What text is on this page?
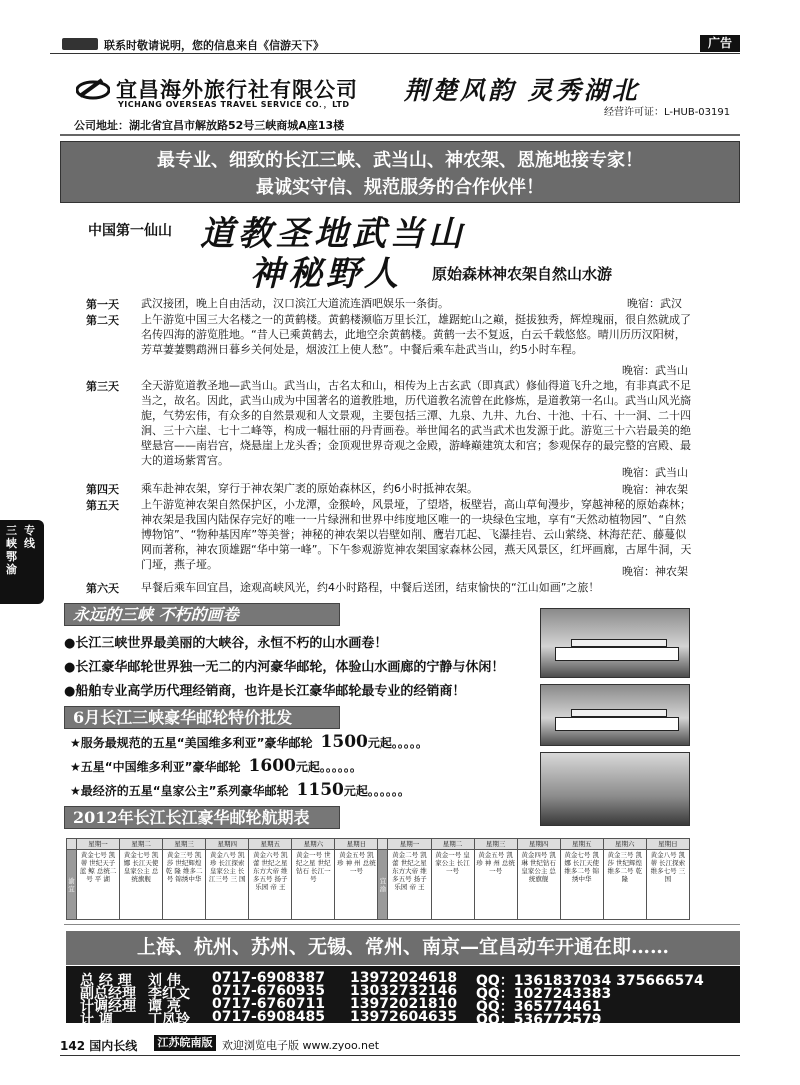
联系时敬请说明，您的信息来自《信游天下》	广告
宜昌海外旅行社有限公司
YICHANG OVERSEAS TRAVEL SERVICE CO．，LTD 荆楚风韵 灵秀湖北
经营许可证：L-HUB-03191
公司地址：湖北省宜昌市解放路52号三峡商城A座13楼
最专业、细致的长江三峡、武当山、神农架、恩施地接专家！
最诚实守信、规范服务的合作伙伴！
中国第一仙山 道教圣地武当山
神秘野人 原始森林神农架自然山水游
第一天 武汉接团，晚上自由活动，汉口滨江大道流连酒吧娱乐一条街。	晚宿：武汉
第二天 上午游览中国三大名楼之一的黄鹤楼。黄鹤楼濒临万里长江，雄踞蛇山之巅，挺拔独秀，辉煌瑰丽，很自然就成了名传四海的游览胜地。“昔人已乘黄鹤去，此地空余黄鹤楼。黄鹤一去不复返，白云千载悠悠。晴川历历汉阳树，芳草萋萋鹦鹉洲日暮乡关何处是，烟波江上使人愁”。中餐后乘车赴武当山，约5小时车程。
晚宿：武当山
第三天 全天游览道教圣地—武当山。武当山，古名太和山，相传为上古玄武（即真武）修仙得道飞升之地，有非真武不足当之，故名。因此，武当山成为中国著名的道教胜地，历代道教名流曾在此修炼，是道教第一名山。武当山风光旖旎，气势宏伟，有众多的自然景观和人文景观，主要包括三潭、九泉、九井、九台、十池、十石、十一洞、二十四涧、三十六崖、七十二峰等，构成一幅壮丽的丹青画卷。举世闻名的武当武术也发源于此。游览三十六岩最美的绝壁悬宫——南岩宫，烧悬崖上龙头香；金顶观世界奇观之金殿，游峰巅建筑太和宫；参观保存的最完整的宫殿、最大的道场紫霄宫。
晚宿：武当山
第四天 乘车赴神农架，穿行于神农架广袤的原始森林区，约6小时抵神农架。	晚宿：神农架
第五天 上午游览神农架自然保护区，小龙潭，金猴岭，风景垭，了望塔，板壁岩，高山草甸漫步，穿越神秘的原始森林；神农架是我国内陆保存完好的唯一一片绿洲和世界中纬度地区唯一的一块绿色宝地，享有“天然动植物园”、“自然博物馆”、“物种基因库”等美誉；神秘的神农架以岩壁如削、鹰岩兀起、飞瀑挂岩、云山萦绕、林海茫茫、藤蔓似网而著称，神农顶雄踞“华中第一峰”。下午参观游览神农架国家森林公园，燕天风景区，红坪画廊，古犀牛洞，天门垭，燕子垭。
晚宿：神农架
第六天 早餐后乘车回宜昌，途观高峡风光，约4小时路程，中餐后送团，结束愉快的“江山如画”之旅！
三峡鄂渝
专线
永远的三峡 不朽的画卷
●长江三峡世界最美丽的大峡谷，永恒不朽的山水画卷！
●长江豪华邮轮世界独一无二的内河豪华邮轮，体验山水画廊的宁静与休闲！
●船舶专业高学历代理经销商，也许是长江豪华邮轮最专业的经销商！
6月长江三峡豪华邮轮特价批发
★服务最规范的五星“美国维多利亚”豪华邮轮 1500元起。。。。。
★五星“中国维多利亚”豪华邮轮 1600元起。。。。。。
★最经济的五星“皇家公主”系列豪华邮轮 1150元起。。。。。。
2012年长江长江豪华邮轮航期表
	星期一	星期二	星期三	星期四	星期五	星期六	星期日		星期一	星期二	星期三	星期四	星期五	星期六	星期日
渝宜	黄金七号 凯 蒂 世纪天子 蓝 鲸 总统二号 平 湖	黄金七号 凯 娜 长江天使 皇家公主 总统旗舰	黄金三号 凯 莎 世纪辉煌 乾 隆 维多二号 锦绣中华	黄金八号 凯 珍 长江探索 皇家公主 长江三号 三 国	黄金六号 凯 蕾 世纪之星 东方大帝 维多五号 扬子乐园 帝 王	黄金一号 世纪之星 世纪钻石 长江一号	黄金五号 凯 珍 神 州 总统一号	宜渝	黄金二号 凯 蕾 世纪之星 东方大帝 维多五号 扬子乐园 帝 王	黄金一号 皇家公主 长江一号	黄金五号 凯 珍 神 州 总统一号	黄金四号 凯 琳 世纪钻石 皇家公主 总统旗舰	黄金七号 凯 娜 长江天使 维多二号 锦绣中华	黄金三号 凯 莎 世纪辉煌 维多二号 乾 隆	黄金八号 凯 蒂 长江探索 维多七号 三 国
上海、杭州、苏州、无锡、常州、南京—宜昌动车开通在即……
总 经 理 刘 伟 0717-6908387 13972024618 QQ：1361837034 375666574
副总经理 李红文 0717-6760935 13032732146 QQ：1027243383
计调经理 谭 亮 0717-6760711 13972021810 QQ：365774461
计 调	丁凤玲 0717-6908485 13972604635 QQ：536772579
142 国内长线	江苏皖南版 欢迎浏览电子版 www.zyoo.net
